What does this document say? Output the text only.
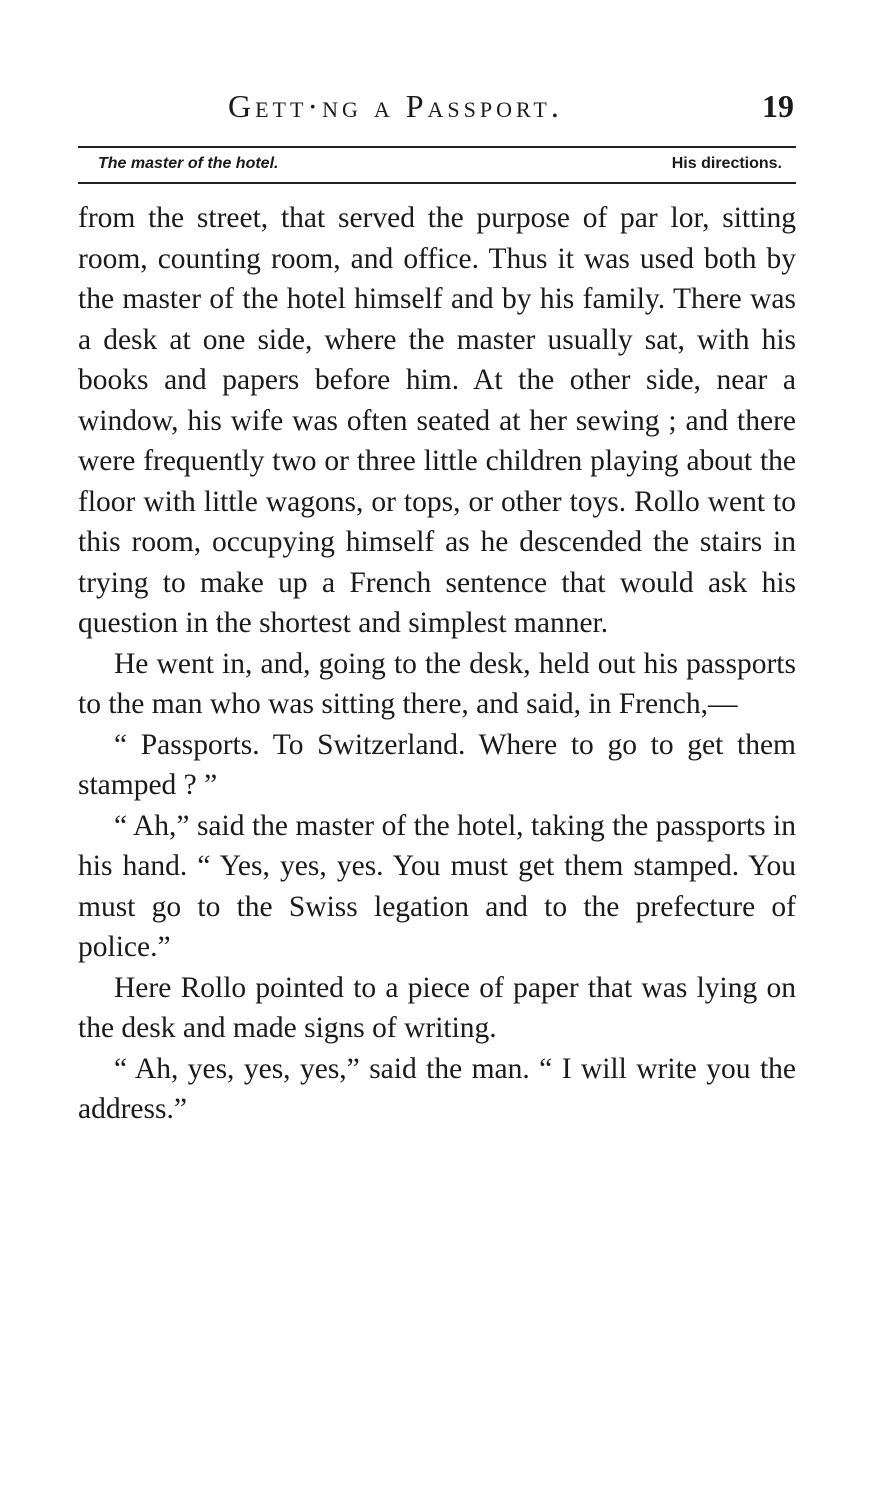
Gett·ng a Passport.	19
The master of the hotel.	His directions.

from the street, that served the purpose of par lor, sitting room, counting room, and office. Thus it was used both by the master of the hotel himself and by his family. There was a desk at one side, where the master usually sat, with his books and papers before him. At the other side, near a window, his wife was often seated at her sewing ; and there were frequently two or three little children playing about the floor with little wagons, or tops, or other toys. Rollo went to this room, occupying himself as he descended the stairs in trying to make up a French sentence that would ask his question in the shortest and simplest manner.

He went in, and, going to the desk, held out his passports to the man who was sitting there, and said, in French,—

“ Passports. To Switzerland. Where to go to get them stamped ? ”

“ Ah,” said the master of the hotel, taking the passports in his hand. “ Yes, yes, yes. You must get them stamped. You must go to the Swiss legation and to the prefecture of police.”

Here Rollo pointed to a piece of paper that was lying on the desk and made signs of writing.

“ Ah, yes, yes, yes,” said the man. “ I will write you the address.”
